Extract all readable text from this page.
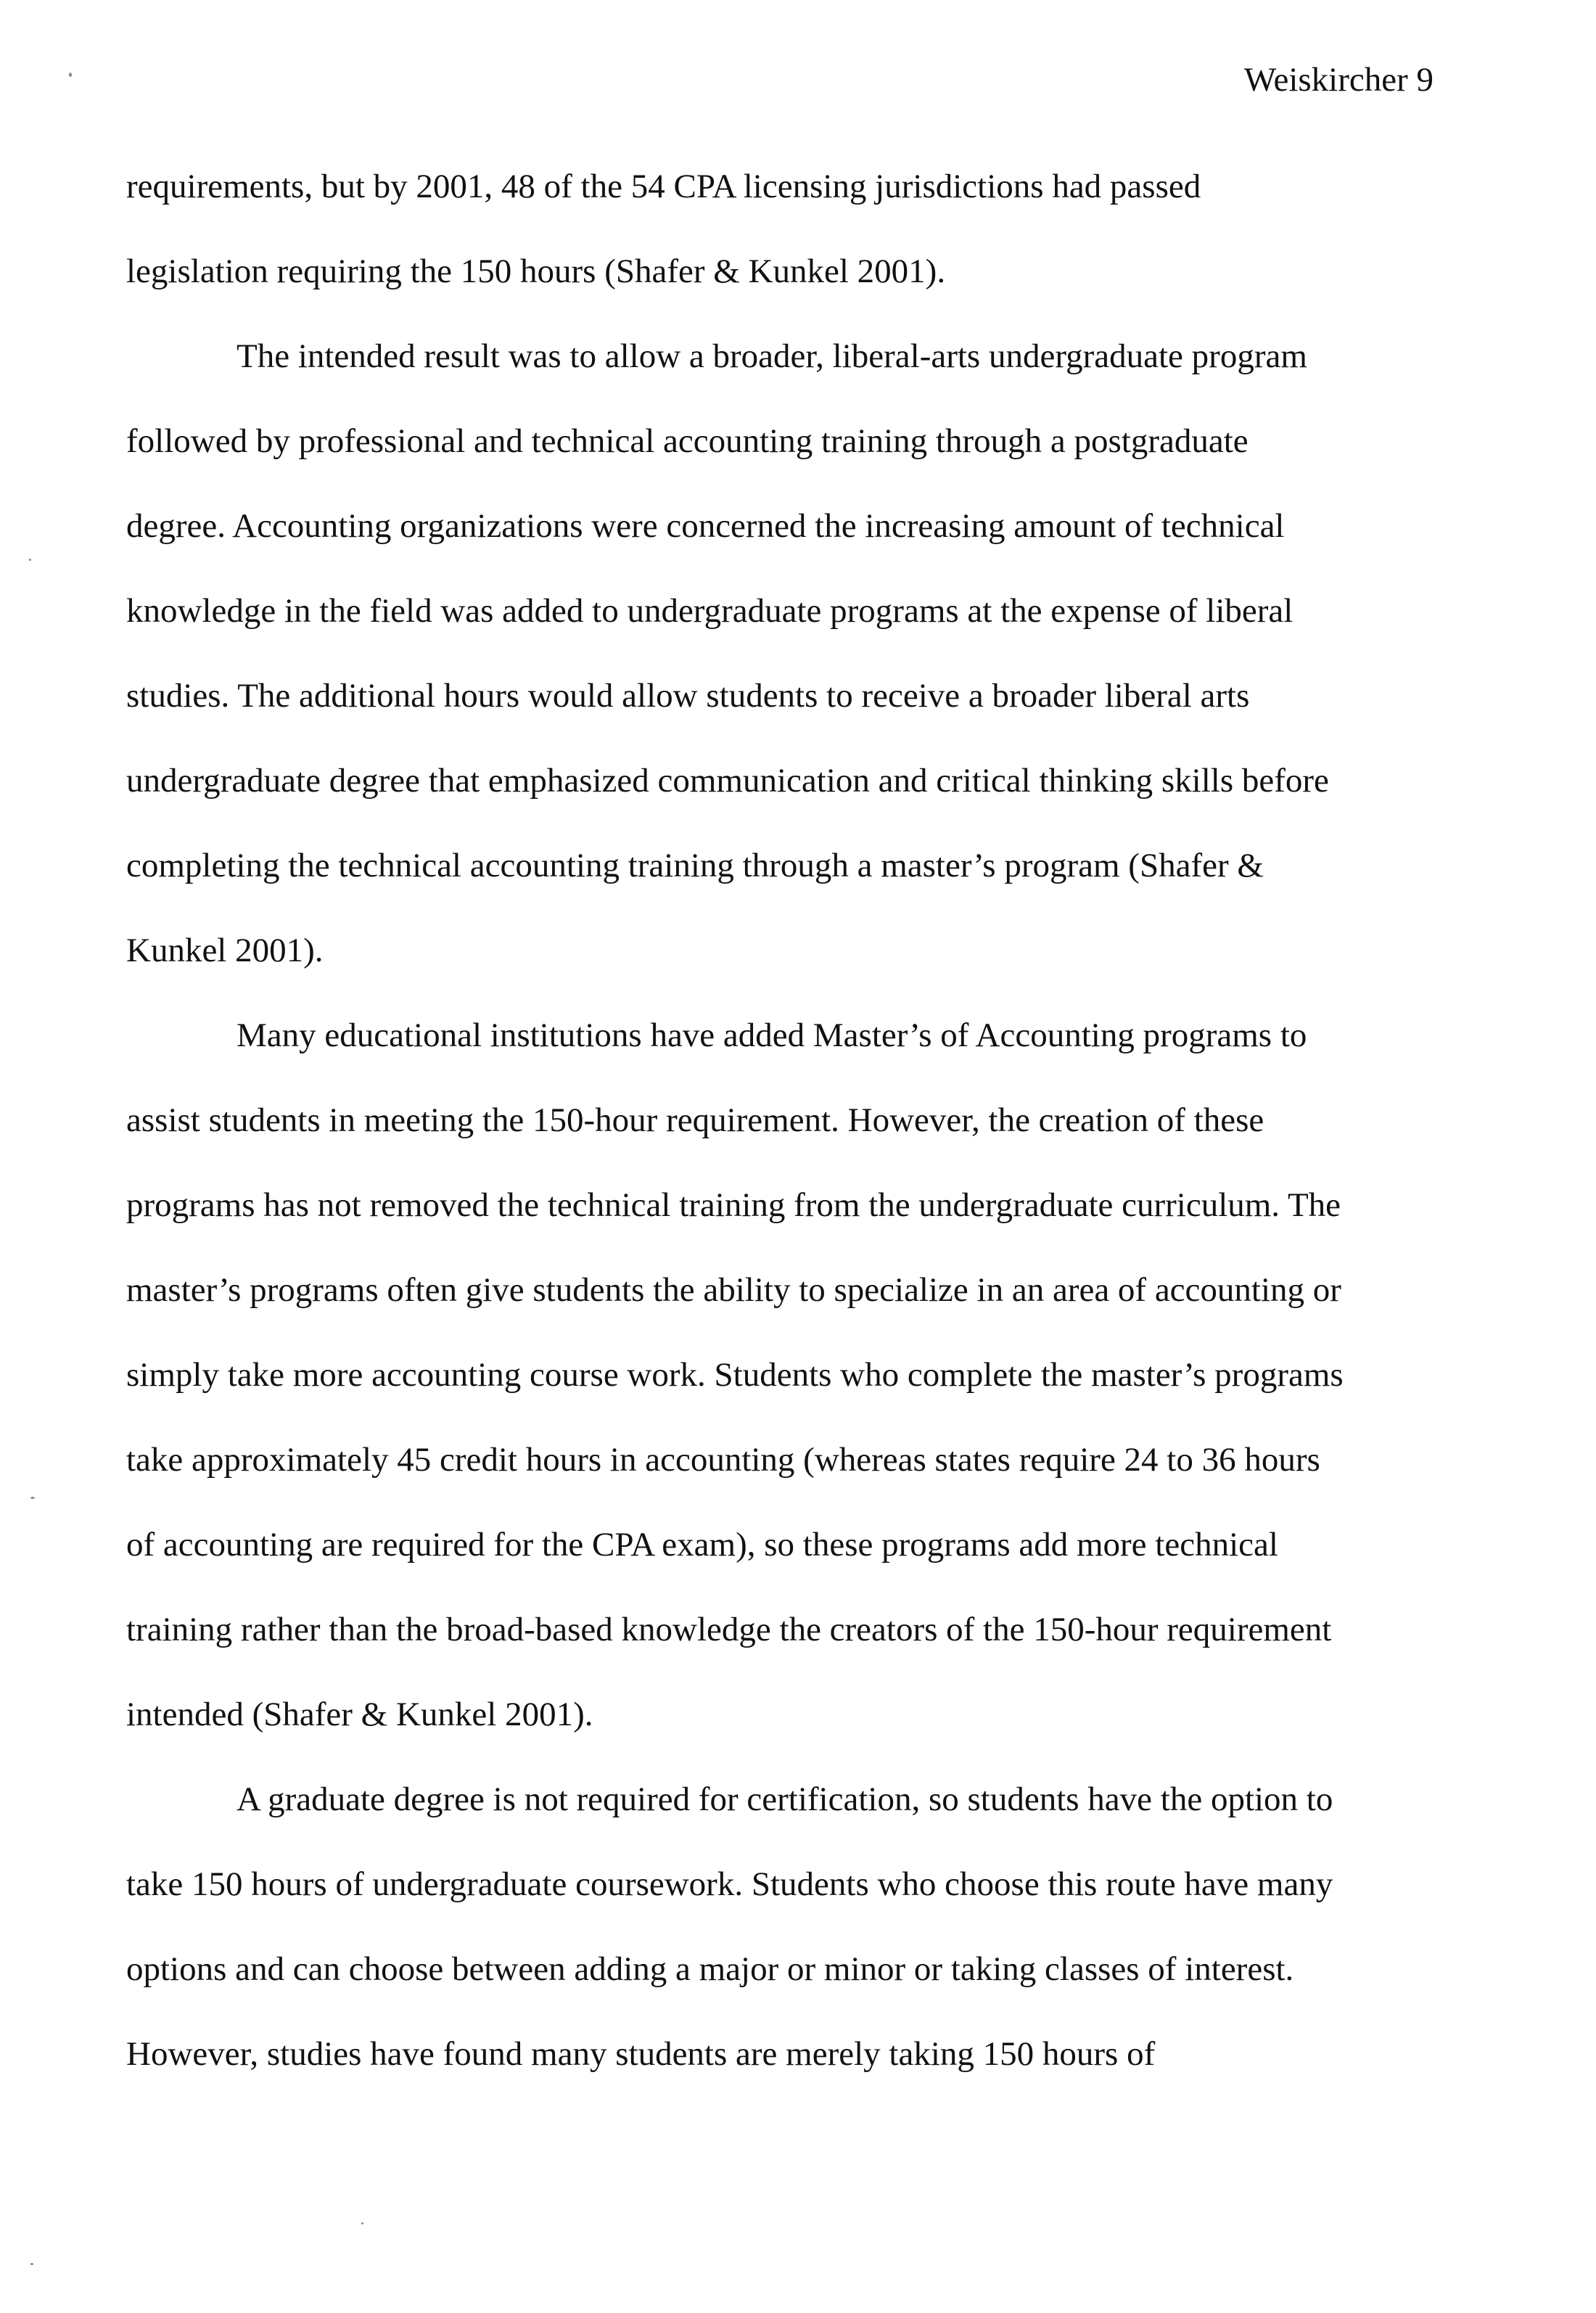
Weiskircher 9
requirements, but by 2001, 48 of the 54 CPA licensing jurisdictions had passed
legislation requiring the 150 hours (Shafer & Kunkel 2001).
The intended result was to allow a broader, liberal-arts undergraduate program
followed by professional and technical accounting training through a postgraduate
degree. Accounting organizations were concerned the increasing amount of technical
knowledge in the field was added to undergraduate programs at the expense of liberal
studies. The additional hours would allow students to receive a broader liberal arts
undergraduate degree that emphasized communication and critical thinking skills before
completing the technical accounting training through a master’s program (Shafer &
Kunkel 2001).
Many educational institutions have added Master’s of Accounting programs to
assist students in meeting the 150-hour requirement. However, the creation of these
programs has not removed the technical training from the undergraduate curriculum. The
master’s programs often give students the ability to specialize in an area of accounting or
simply take more accounting course work. Students who complete the master’s programs
take approximately 45 credit hours in accounting (whereas states require 24 to 36 hours
of accounting are required for the CPA exam), so these programs add more technical
training rather than the broad-based knowledge the creators of the 150-hour requirement
intended (Shafer & Kunkel 2001).
A graduate degree is not required for certification, so students have the option to
take 150 hours of undergraduate coursework. Students who choose this route have many
options and can choose between adding a major or minor or taking classes of interest.
However, studies have found many students are merely taking 150 hours of
